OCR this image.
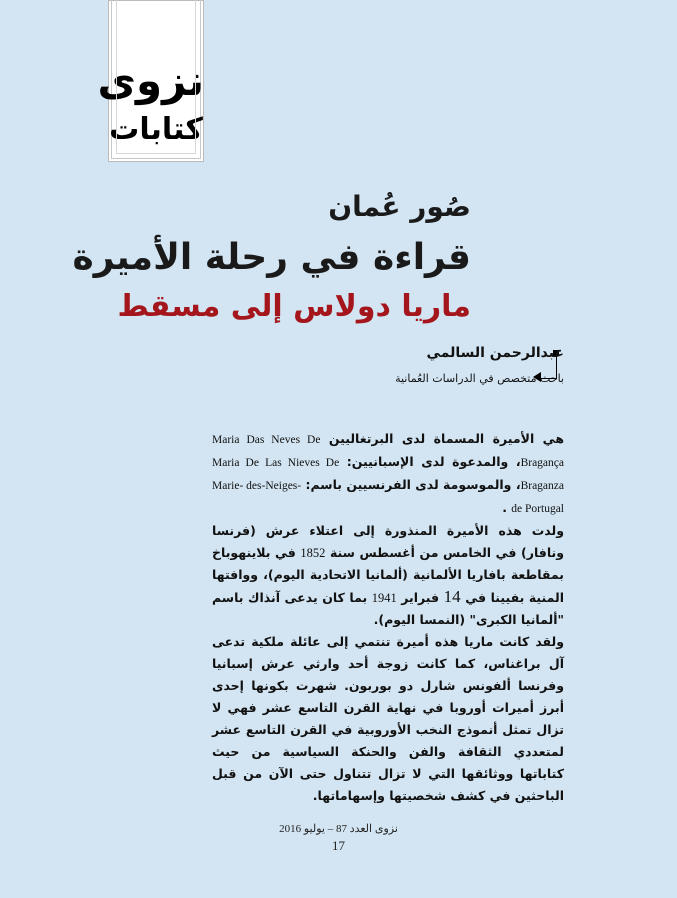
نزوى
كتابات
صُور عُمان
قراءة في رحلة الأميرة
ماريا دولاس إلى مسقط
عبدالرحمن السالمي
باحث متخصص في الدراسات العُمانية

هي الأميرة المسماة لدى البرتغاليين Maria Das Neves De Bragança، والمدعوة لدى الإسبانيين: Maria De Las Nieves De Braganza، والموسومة لدى الفرنسيين باسم: Marie- des-Neiges-de Portugal .

ولدت هذه الأميرة المنذورة إلى اعتلاء عرش (فرنسا ونافار) في الخامس من أغسطس سنة 1852 في بلاينهوباخ بمقاطعة بافاريا الألمانية (ألمانيا الاتحادية اليوم)، ووافتها المنية بفيينا في 14 فبراير 1941 بما كان يدعى آنذاك باسم "ألمانيا الكبرى" (النمسا اليوم).

ولقد كانت ماريا هذه أميرة تنتمي إلى عائلة ملكية تدعى آل براغناس، كما كانت زوجة أحد وارثي عرش إسبانيا وفرنسا ألفونس شارل دو بوربون. شهرت بكونها إحدى أبرز أميرات أوروبا في نهاية القرن التاسع عشر فهي لا تزال تمثل أنموذج النخب الأوروبية في القرن التاسع عشر لمتعددي الثقافة والفن والحنكة السياسية من حيث كتاباتها ووثائقها التي لا تزال تتناول حتى الآن من قبل الباحثين في كشف شخصيتها وإسهاماتها.

نزوى العدد 87 – يوليو 2016
17
